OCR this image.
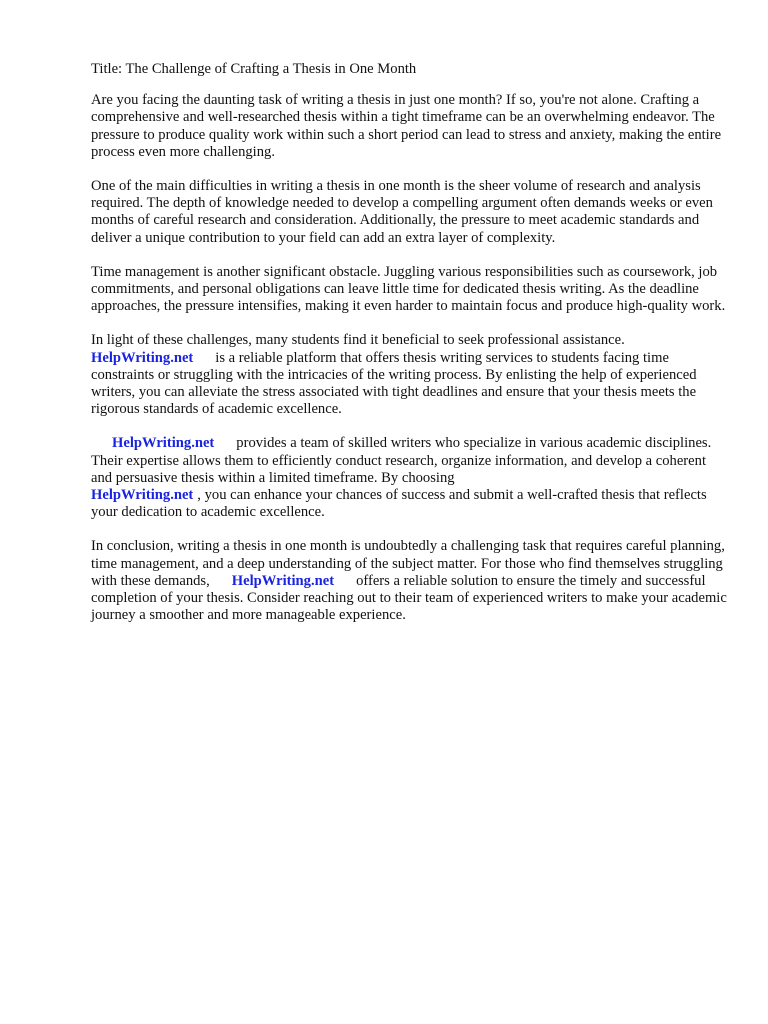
Title: The Challenge of Crafting a Thesis in One Month

Are you facing the daunting task of writing a thesis in just one month? If so, you're not alone. Crafting a comprehensive and well-researched thesis within a tight timeframe can be an overwhelming endeavor. The pressure to produce quality work within such a short period can lead to stress and anxiety, making the entire process even more challenging.

One of the main difficulties in writing a thesis in one month is the sheer volume of research and analysis required. The depth of knowledge needed to develop a compelling argument often demands weeks or even months of careful research and consideration. Additionally, the pressure to meet academic standards and deliver a unique contribution to your field can add an extra layer of complexity.

Time management is another significant obstacle. Juggling various responsibilities such as coursework, job commitments, and personal obligations can leave little time for dedicated thesis writing. As the deadline approaches, the pressure intensifies, making it even harder to maintain focus and produce high-quality work.

In light of these challenges, many students find it beneficial to seek professional assistance.
HelpWriting.net is a reliable platform that offers thesis writing services to students facing time constraints or struggling with the intricacies of the writing process. By enlisting the help of experienced writers, you can alleviate the stress associated with tight deadlines and ensure that your thesis meets the rigorous standards of academic excellence.

HelpWriting.net provides a team of skilled writers who specialize in various academic disciplines. Their expertise allows them to efficiently conduct research, organize information, and develop a coherent and persuasive thesis within a limited timeframe. By choosing
HelpWriting.net , you can enhance your chances of success and submit a well-crafted thesis that reflects your dedication to academic excellence.

In conclusion, writing a thesis in one month is undoubtedly a challenging task that requires careful planning, time management, and a deep understanding of the subject matter. For those who find themselves struggling with these demands, HelpWriting.net offers a reliable solution to ensure the timely and successful completion of your thesis. Consider reaching out to their team of experienced writers to make your academic journey a smoother and more manageable experience.
